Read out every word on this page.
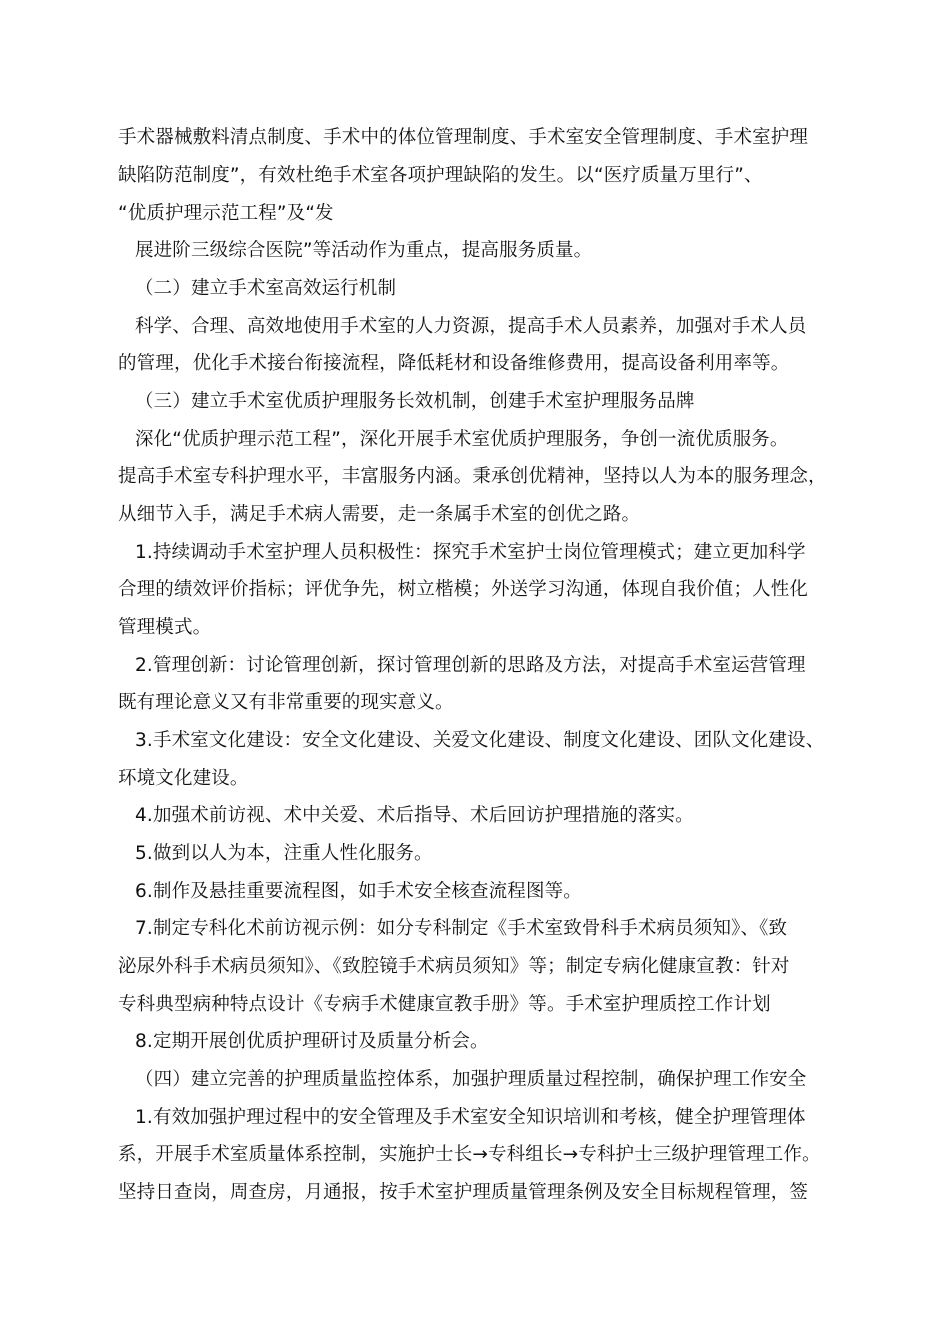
手术器械敷料清点制度、手术中的体位管理制度、手术室安全管理制度、手术室护理
缺陷防范制度”，有效杜绝手术室各项护理缺陷的发生。以“医疗质量万里行”、
“优质护理示范工程”及“发
展进阶三级综合医院”等活动作为重点，提高服务质量。
（二）建立手术室高效运行机制
科学、合理、高效地使用手术室的人力资源，提高手术人员素养，加强对手术人员
的管理，优化手术接台衔接流程，降低耗材和设备维修费用，提高设备利用率等。
（三）建立手术室优质护理服务长效机制，创建手术室护理服务品牌
深化“优质护理示范工程”，深化开展手术室优质护理服务，争创一流优质服务。
提高手术室专科护理水平，丰富服务内涵。秉承创优精神，坚持以人为本的服务理念，
从细节入手，满足手术病人需要，走一条属手术室的创优之路。
1.持续调动手术室护理人员积极性：探究手术室护士岗位管理模式；建立更加科学
合理的绩效评价指标；评优争先，树立楷模；外送学习沟通，体现自我价值；人性化
管理模式。
2.管理创新：讨论管理创新，探讨管理创新的思路及方法，对提高手术室运营管理
既有理论意义又有非常重要的现实意义。
3.手术室文化建设：安全文化建设、关爱文化建设、制度文化建设、团队文化建设、
环境文化建设。
4.加强术前访视、术中关爱、术后指导、术后回访护理措施的落实。
5.做到以人为本，注重人性化服务。
6.制作及悬挂重要流程图，如手术安全核查流程图等。
7.制定专科化术前访视示例：如分专科制定《手术室致骨科手术病员须知》、《致
泌尿外科手术病员须知》、《致腔镜手术病员须知》等；制定专病化健康宣教：针对
专科典型病种特点设计《专病手术健康宣教手册》等。手术室护理质控工作计划
8.定期开展创优质护理研讨及质量分析会。
（四）建立完善的护理质量监控体系，加强护理质量过程控制，确保护理工作安全
1.有效加强护理过程中的安全管理及手术室安全知识培训和考核，健全护理管理体
系，开展手术室质量体系控制，实施护士长→专科组长→专科护士三级护理管理工作。
坚持日查岗，周查房，月通报，按手术室护理质量管理条例及安全目标规程管理，签
